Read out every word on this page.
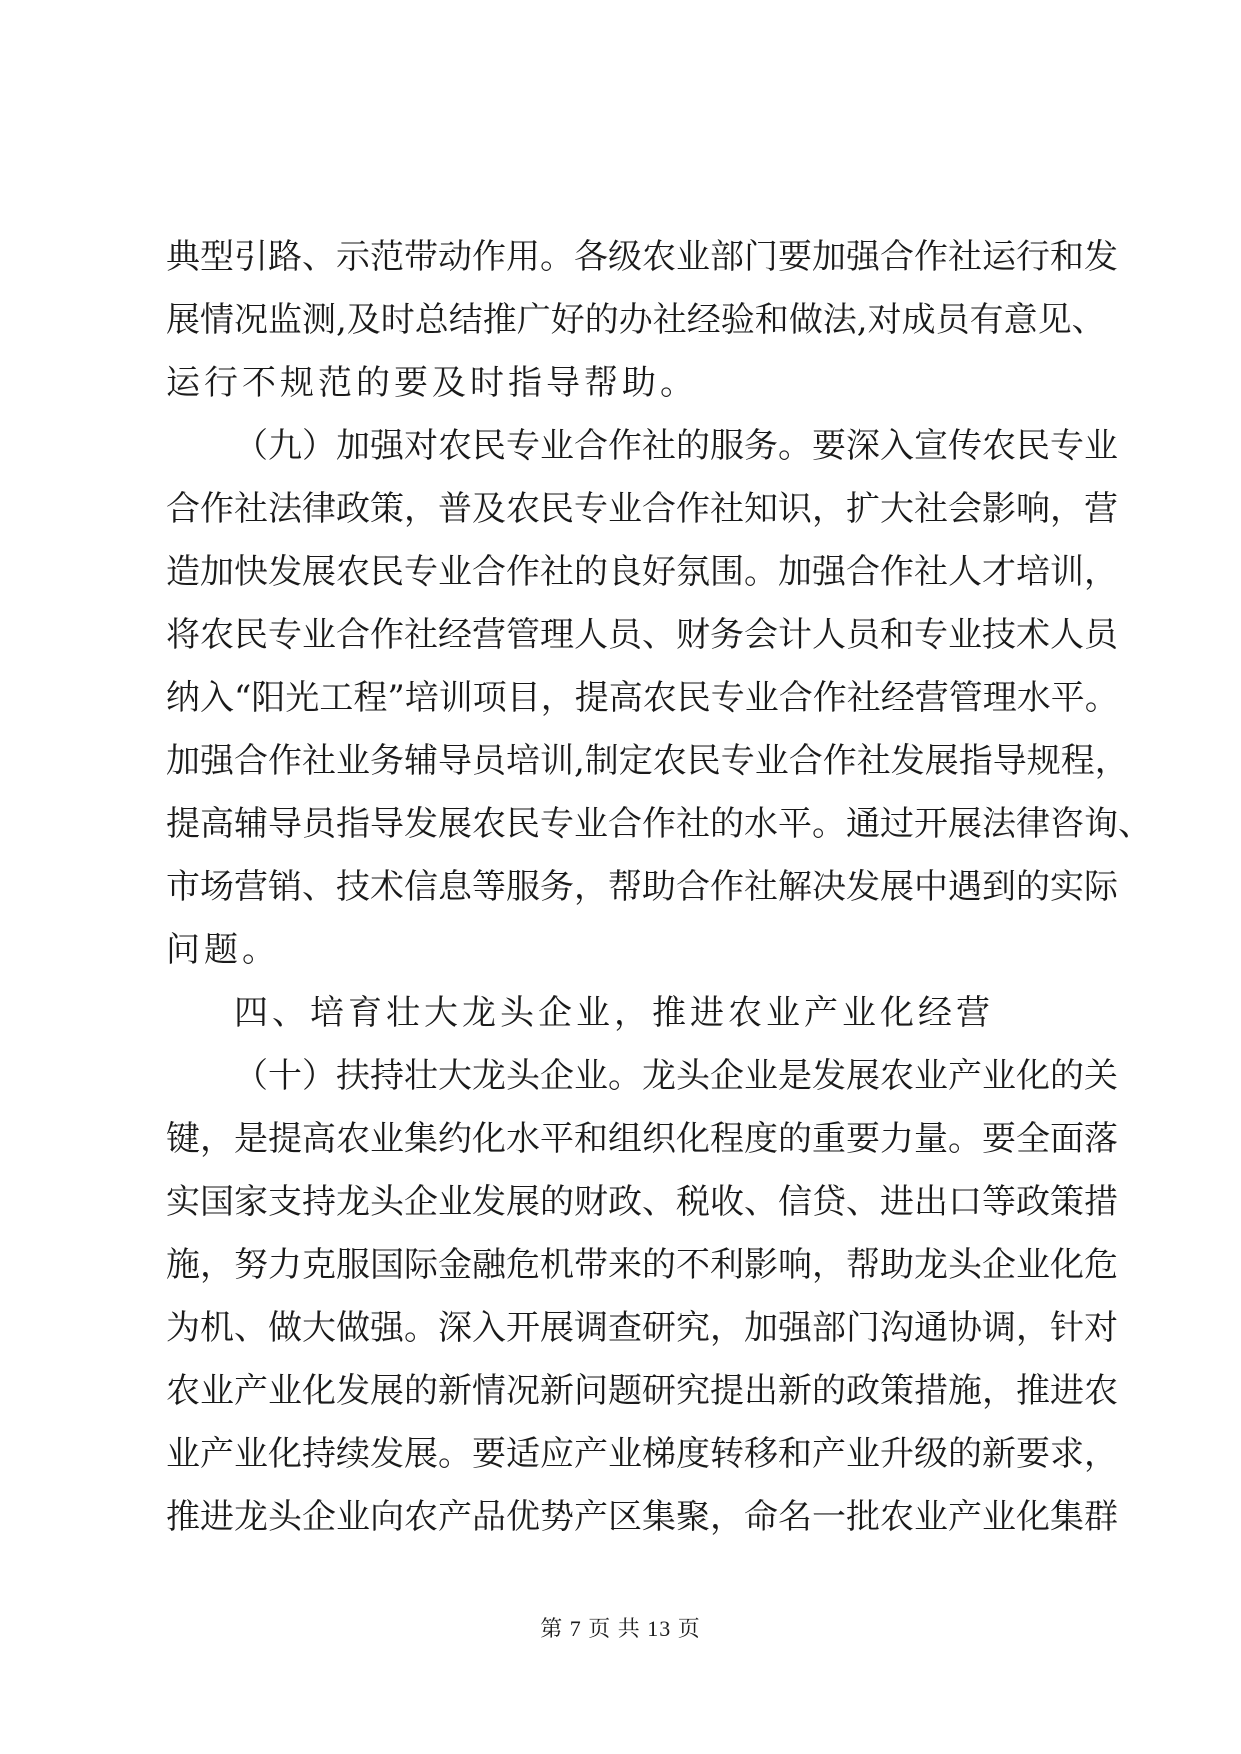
典型引路、示范带动作用。各级农业部门要加强合作社运行和发
展情况监测,及时总结推广好的办社经验和做法,对成员有意见、
运行不规范的要及时指导帮助。
（九）加强对农民专业合作社的服务。要深入宣传农民专业
合作社法律政策，普及农民专业合作社知识，扩大社会影响，营
造加快发展农民专业合作社的良好氛围。加强合作社人才培训，
将农民专业合作社经营管理人员、财务会计人员和专业技术人员
纳入“阳光工程”培训项目，提高农民专业合作社经营管理水平。
加强合作社业务辅导员培训,制定农民专业合作社发展指导规程，
提高辅导员指导发展农民专业合作社的水平。通过开展法律咨询、
市场营销、技术信息等服务，帮助合作社解决发展中遇到的实际
问题。
四、培育壮大龙头企业，推进农业产业化经营
（十）扶持壮大龙头企业。龙头企业是发展农业产业化的关
键，是提高农业集约化水平和组织化程度的重要力量。要全面落
实国家支持龙头企业发展的财政、税收、信贷、进出口等政策措
施，努力克服国际金融危机带来的不利影响，帮助龙头企业化危
为机、做大做强。深入开展调查研究，加强部门沟通协调，针对
农业产业化发展的新情况新问题研究提出新的政策措施，推进农
业产业化持续发展。要适应产业梯度转移和产业升级的新要求，
推进龙头企业向农产品优势产区集聚，命名一批农业产业化集群
第 7 页 共 13 页
